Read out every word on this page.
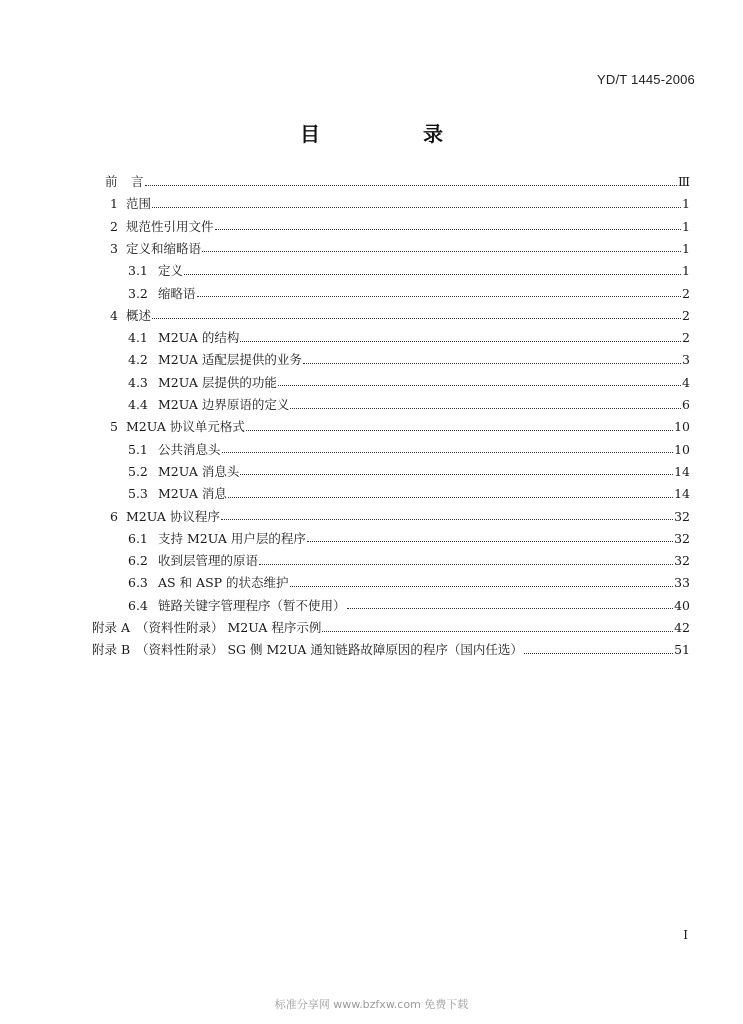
YD/T 1445-2006
目 录
前	言	Ⅲ
1 范围	1
2 规范性引用文件	1
3 定义和缩略语	1
3.1 定义	1
3.2 缩略语	2
4 概述	2
4.1 M2UA 的结构	2
4.2 M2UA 适配层提供的业务	3
4.3 M2UA 层提供的功能	4
4.4 M2UA 边界原语的定义	6
5 M2UA 协议单元格式	10
5.1 公共消息头	10
5.2 M2UA 消息头	14
5.3 M2UA 消息	14
6 M2UA 协议程序	32
6.1 支持 M2UA 用户层的程序	32
6.2 收到层管理的原语	32
6.3 AS 和 ASP 的状态维护	33
6.4 链路关键字管理程序（暂不使用）	40
附录 A （资料性附录） M2UA 程序示例	42
附录 B （资料性附录） SG 侧 M2UA 通知链路故障原因的程序（国内任选）	51
I
标准分享网 www.bzfxw.com 免费下载
